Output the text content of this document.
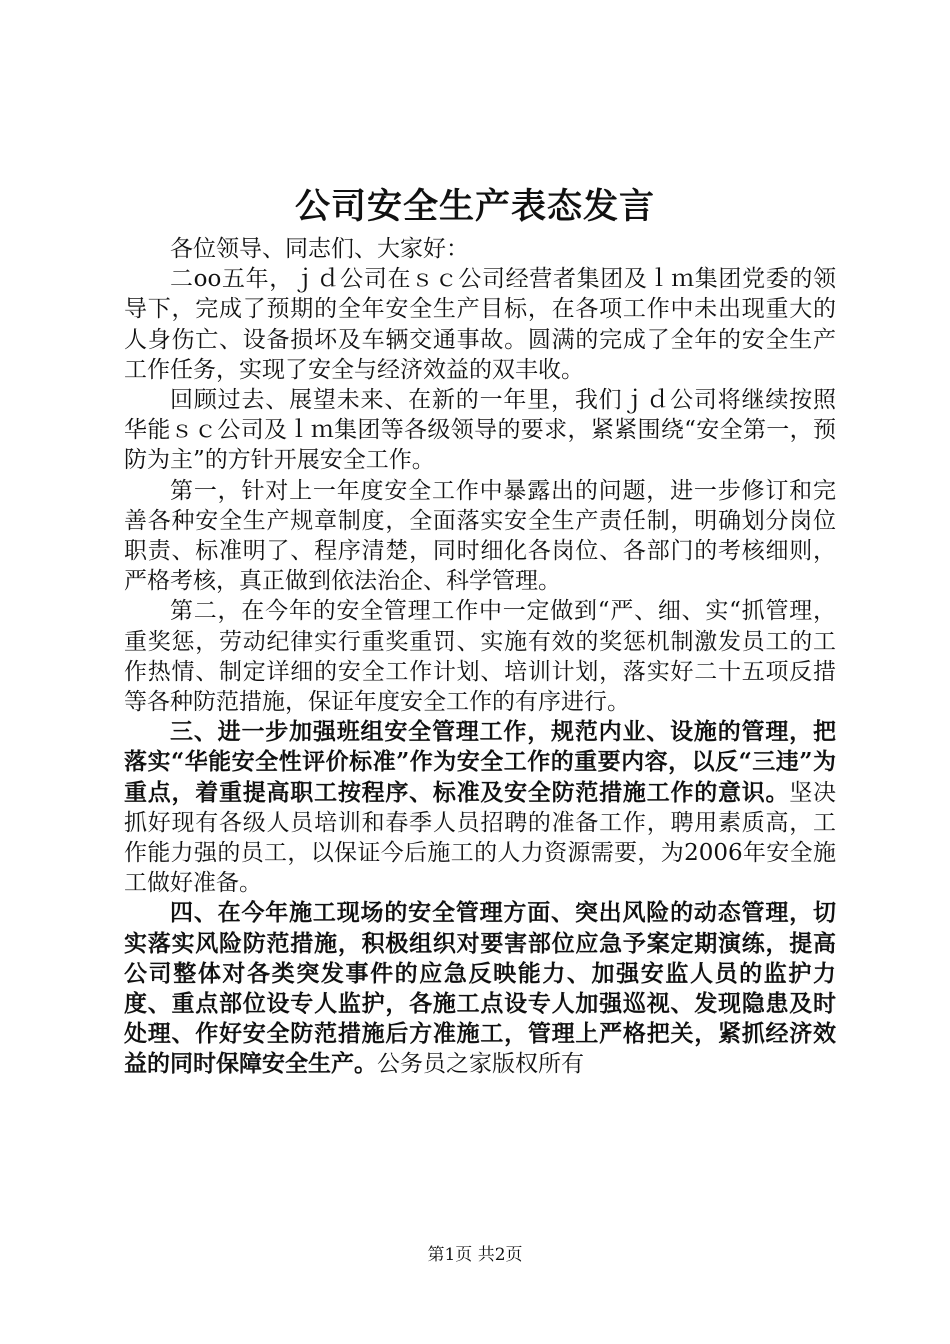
公司安全生产表态发言

各位领导、同志们、大家好：

二oo五年，ｊｄ公司在ｓｃ公司经营者集团及ｌｍ集团党委的领导下，完成了预期的全年安全生产目标，在各项工作中未出现重大的人身伤亡、设备损坏及车辆交通事故。圆满的完成了全年的安全生产工作任务，实现了安全与经济效益的双丰收。

回顾过去、展望未来、在新的一年里，我们ｊｄ公司将继续按照华能ｓｃ公司及ｌｍ集团等各级领导的要求，紧紧围绕“安全第一，预防为主”的方针开展安全工作。

第一，针对上一年度安全工作中暴露出的问题，进一步修订和完善各种安全生产规章制度，全面落实安全生产责任制，明确划分岗位职责、标准明了、程序清楚，同时细化各岗位、各部门的考核细则，严格考核，真正做到依法治企、科学管理。

第二，在今年的安全管理工作中一定做到“严、细、实“抓管理，重奖惩，劳动纪律实行重奖重罚、实施有效的奖惩机制激发员工的工作热情、制定详细的安全工作计划、培训计划，落实好二十五项反措等各种防范措施，保证年度安全工作的有序进行。

三、进一步加强班组安全管理工作，规范内业、设施的管理，把落实“华能安全性评价标准”作为安全工作的重要内容，以反“三违”为重点，着重提高职工按程序、标准及安全防范措施工作的意识。坚决抓好现有各级人员培训和春季人员招聘的准备工作，聘用素质高，工作能力强的员工，以保证今后施工的人力资源需要，为2006年安全施工做好准备。

四、在今年施工现场的安全管理方面、突出风险的动态管理，切实落实风险防范措施，积极组织对要害部位应急予案定期演练，提高公司整体对各类突发事件的应急反映能力、加强安监人员的监护力度、重点部位设专人监护，各施工点设专人加强巡视、发现隐患及时处理、作好安全防范措施后方准施工，管理上严格把关，紧抓经济效益的同时保障安全生产。公务员之家版权所有

第1页 共2页
